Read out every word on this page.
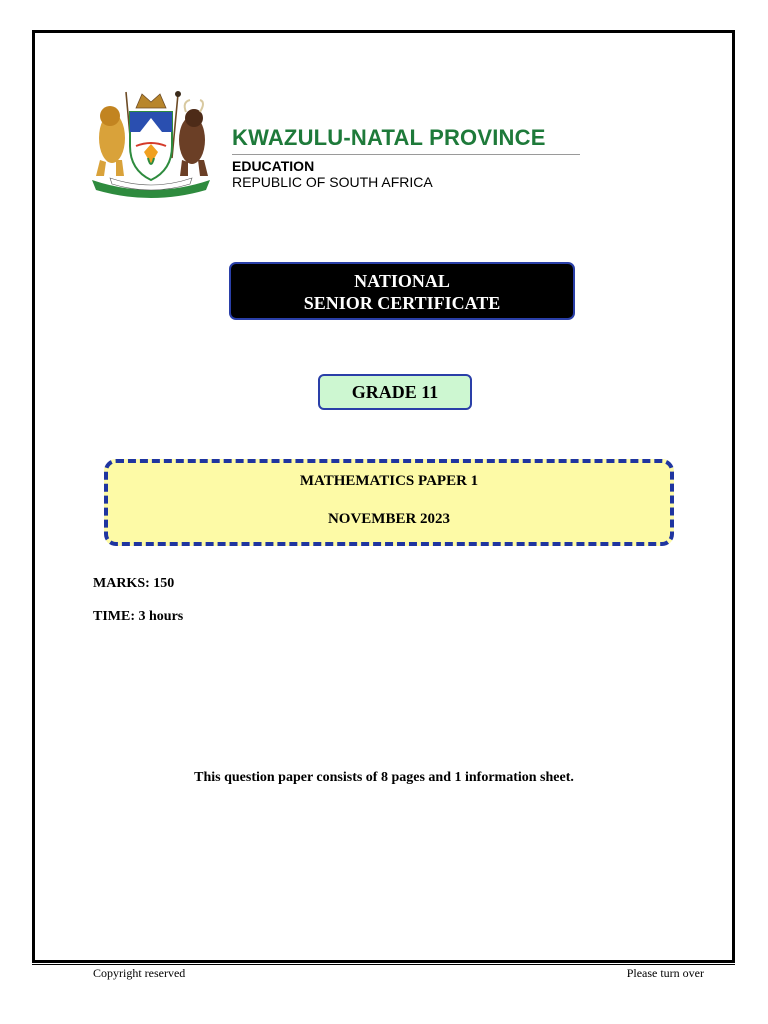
KWAZULU-NATAL PROVINCE
EDUCATION
REPUBLIC OF SOUTH AFRICA
NATIONAL
SENIOR CERTIFICATE
GRADE 11
MATHEMATICS PAPER 1
NOVEMBER 2023
MARKS: 150
TIME: 3 hours
This question paper consists of 8 pages and 1 information sheet.
Copyright reserved	Please turn over
